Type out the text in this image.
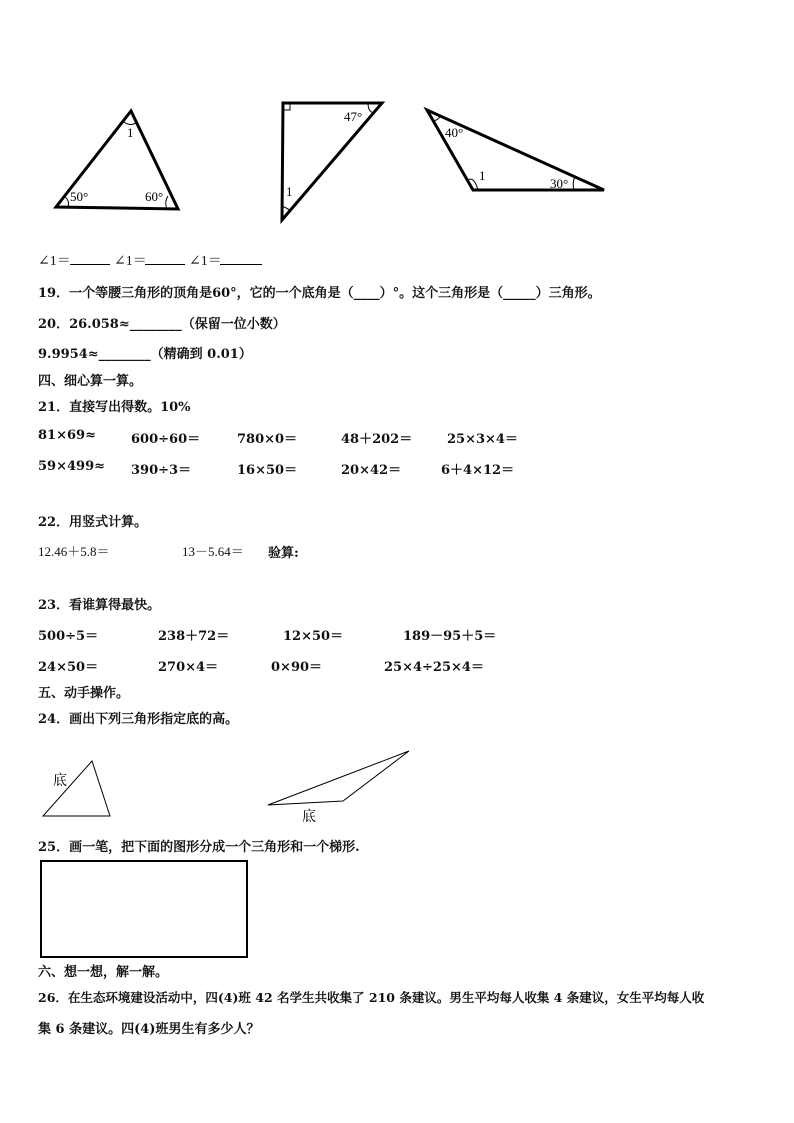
1
50°	60°
47°
1
40°
1
30°
∠1＝	∠1＝	∠1＝
19．一个等腰三角形的顶角是60°，它的一个底角是（____）°。这个三角形是（_____）三角形。
20．26.058≈________（保留一位小数）
9.9954≈________（精确到 0.01）
四、细心算一算。
21．直接写出得数。10%
81×69≈	600÷60＝	780×0＝	48＋202＝	25×3×4＝
59×499≈ 390÷3＝	16×50＝	20×42＝	6＋4×12＝
22．用竖式计算。
12.46＋5.8＝	13－5.64＝ 验算:
23．看谁算得最快。
500÷5＝	238＋72＝	12×50＝	189－95＋5＝
24×50＝	270×4＝	0×90＝	25×4÷25×4＝
五、动手操作。
24．画出下列三角形指定底的高。
底
底
25．画一笔，把下面的图形分成一个三角形和一个梯形.
六、想一想，解一解。
26．在生态环境建设活动中，四(4)班 42 名学生共收集了 210 条建议。男生平均每人收集 4 条建议，女生平均每人收
集 6 条建议。四(4)班男生有多少人？
